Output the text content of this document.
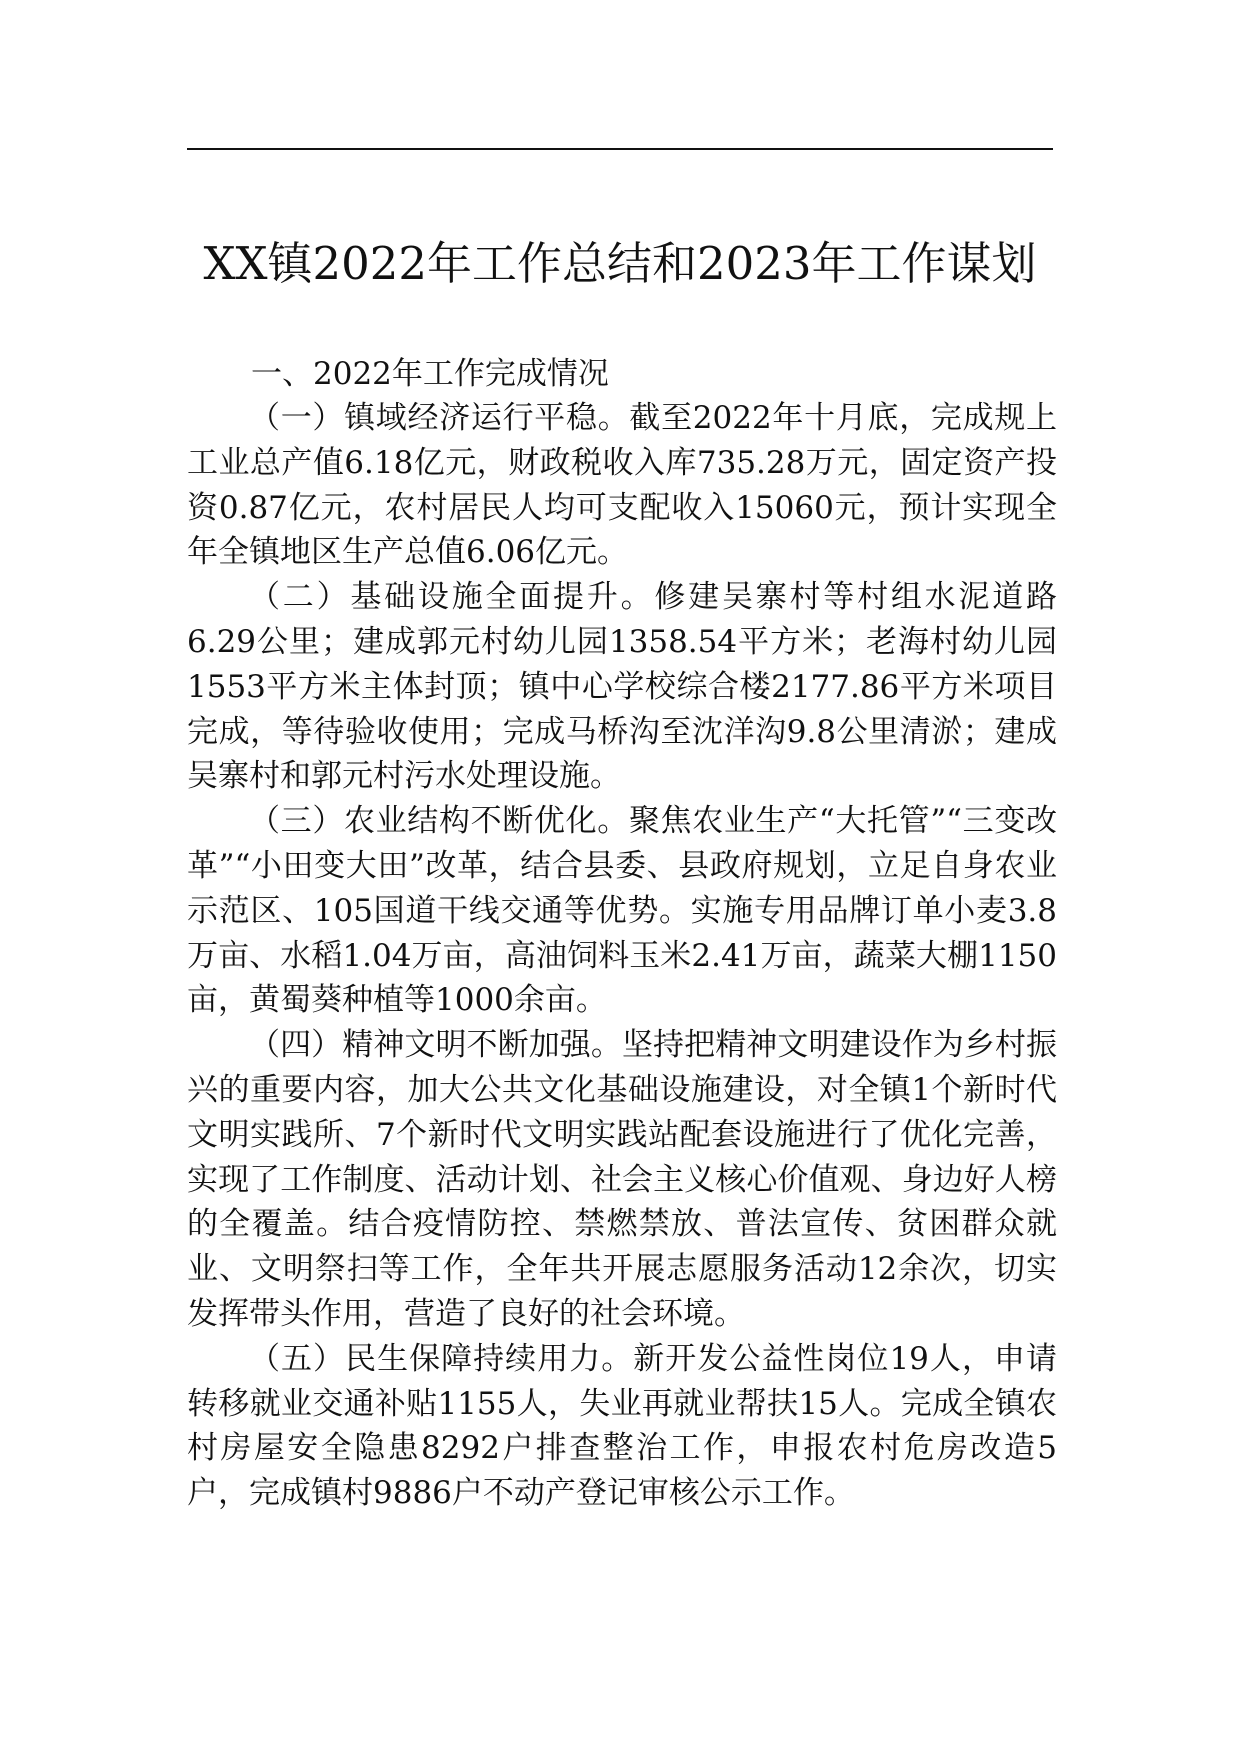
XX镇2022年工作总结和2023年工作谋划
一、2022年工作完成情况

（一）镇域经济运行平稳。截至2022年十月底，完成规上工业总产值6.18亿元，财政税收入库735.28万元，固定资产投资0.87亿元，农村居民人均可支配收入15060元，预计实现全年全镇地区生产总值6.06亿元。

（二）基础设施全面提升。修建吴寨村等村组水泥道路6.29公里；建成郭元村幼儿园1358.54平方米；老海村幼儿园1553平方米主体封顶；镇中心学校综合楼2177.86平方米项目完成，等待验收使用；完成马桥沟至沈洋沟9.8公里清淤；建成吴寨村和郭元村污水处理设施。

（三）农业结构不断优化。聚焦农业生产“大托管”“三变改革”“小田变大田”改革，结合县委、县政府规划，立足自身农业示范区、105国道干线交通等优势。实施专用品牌订单小麦3.8万亩、水稻1.04万亩，高油饲料玉米2.41万亩，蔬菜大棚1150亩，黄蜀葵种植等1000余亩。

（四）精神文明不断加强。坚持把精神文明建设作为乡村振兴的重要内容，加大公共文化基础设施建设，对全镇1个新时代文明实践所、7个新时代文明实践站配套设施进行了优化完善，实现了工作制度、活动计划、社会主义核心价值观、身边好人榜的全覆盖。结合疫情防控、禁燃禁放、普法宣传、贫困群众就业、文明祭扫等工作，全年共开展志愿服务活动12余次，切实发挥带头作用，营造了良好的社会环境。

（五）民生保障持续用力。新开发公益性岗位19人，申请转移就业交通补贴1155人，失业再就业帮扶15人。完成全镇农村房屋安全隐患8292户排查整治工作，申报农村危房改造5户，完成镇村9886户不动产登记审核公示工作。
